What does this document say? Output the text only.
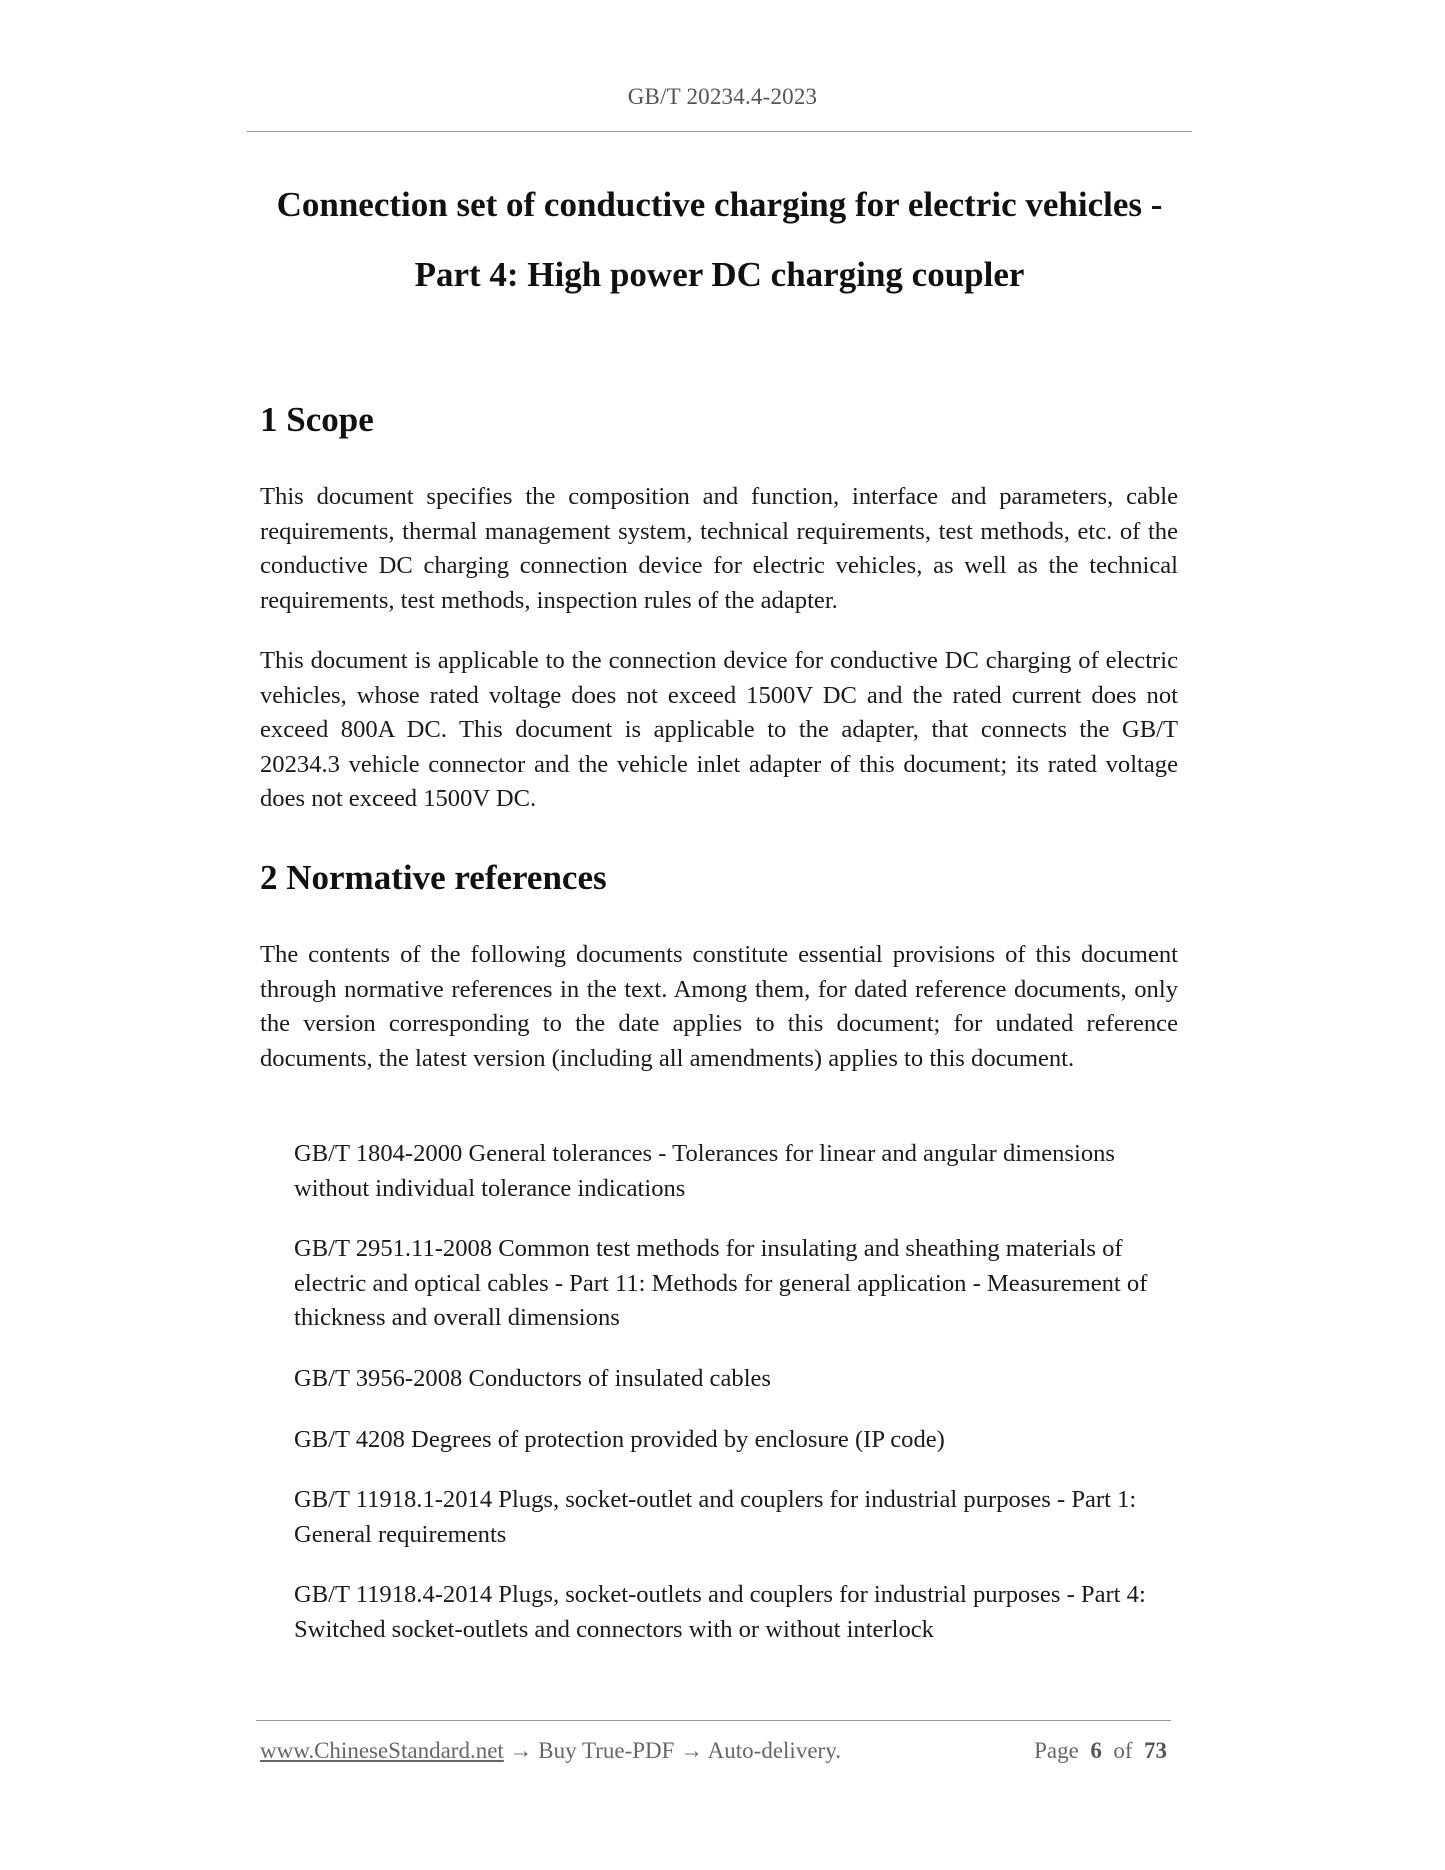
GB/T 20234.4-2023
Connection set of conductive charging for electric vehicles -
Part 4: High power DC charging coupler
1 Scope

This document specifies the composition and function, interface and parameters, cable requirements, thermal management system, technical requirements, test methods, etc. of the conductive DC charging connection device for electric vehicles, as well as the technical requirements, test methods, inspection rules of the adapter.

This document is applicable to the connection device for conductive DC charging of electric vehicles, whose rated voltage does not exceed 1500V DC and the rated current does not exceed 800A DC. This document is applicable to the adapter, that connects the GB/T 20234.3 vehicle connector and the vehicle inlet adapter of this document; its rated voltage does not exceed 1500V DC.

2 Normative references

The contents of the following documents constitute essential provisions of this document through normative references in the text. Among them, for dated reference documents, only the version corresponding to the date applies to this document; for undated reference documents, the latest version (including all amendments) applies to this document.

GB/T 1804-2000 General tolerances - Tolerances for linear and angular dimensions without individual tolerance indications
GB/T 2951.11-2008 Common test methods for insulating and sheathing materials of electric and optical cables - Part 11: Methods for general application - Measurement of thickness and overall dimensions
GB/T 3956-2008 Conductors of insulated cables
GB/T 4208 Degrees of protection provided by enclosure (IP code)
GB/T 11918.1-2014 Plugs, socket-outlet and couplers for industrial purposes - Part 1: General requirements
GB/T 11918.4-2014 Plugs, socket-outlets and couplers for industrial purposes - Part 4: Switched socket-outlets and connectors with or without interlock
www.ChineseStandard.net → Buy True-PDF → Auto-delivery.	Page 6 of 73
